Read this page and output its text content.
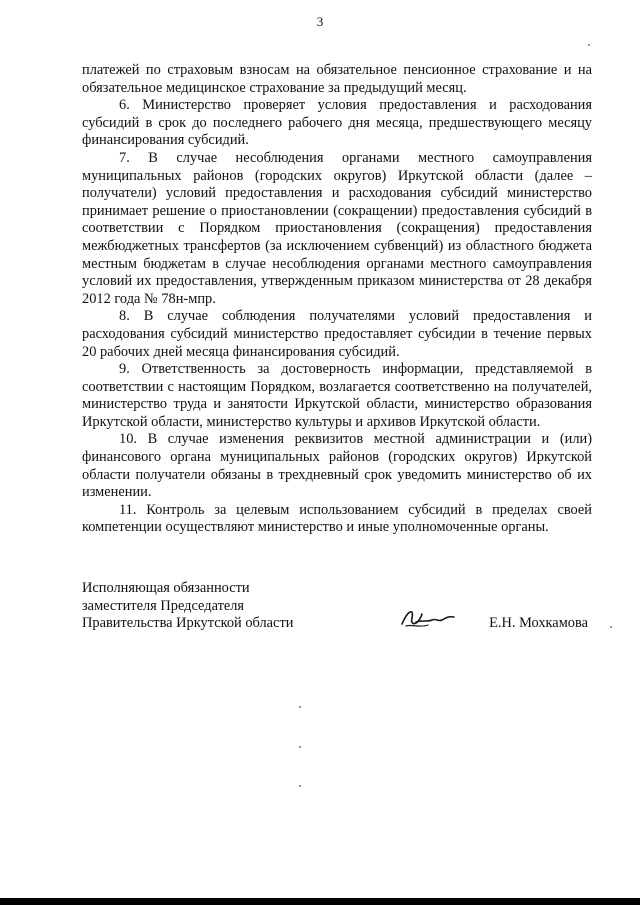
3

платежей по страховым взносам на обязательное пенсионное страхование и на обязательное медицинское страхование за предыдущий месяц.

6. Министерство проверяет условия предоставления и расходования субсидий в срок до последнего рабочего дня месяца, предшествующего месяцу финансирования субсидий.

7. В случае несоблюдения органами местного самоуправления муниципальных районов (городских округов) Иркутской области (далее – получатели) условий предоставления и расходования субсидий министерство принимает решение о приостановлении (сокращении) предоставления субсидий в соответствии с Порядком приостановления (сокращения) предоставления межбюджетных трансфертов (за исключением субвенций) из областного бюджета местным бюджетам в случае несоблюдения органами местного самоуправления условий их предоставления, утвержденным приказом министерства от 28 декабря 2012 года № 78н-мпр.

8. В случае соблюдения получателями условий предоставления и расходования субсидий министерство предоставляет субсидии в течение первых 20 рабочих дней месяца финансирования субсидий.

9. Ответственность за достоверность информации, представляемой в соответствии с настоящим Порядком, возлагается соответственно на получателей, министерство труда и занятости Иркутской области, министерство образования Иркутской области, министерство культуры и архивов Иркутской области.

10. В случае изменения реквизитов местной администрации и (или) финансового органа муниципальных районов (городских округов) Иркутской области получатели обязаны в трехдневный срок уведомить министерство об их изменении.

11. Контроль за целевым использованием субсидий в пределах своей компетенции осуществляют министерство и иные уполномоченные органы.

Исполняющая обязанности
заместителя Председателя
Правительства Иркутской области	Е.Н. Мохкамова
